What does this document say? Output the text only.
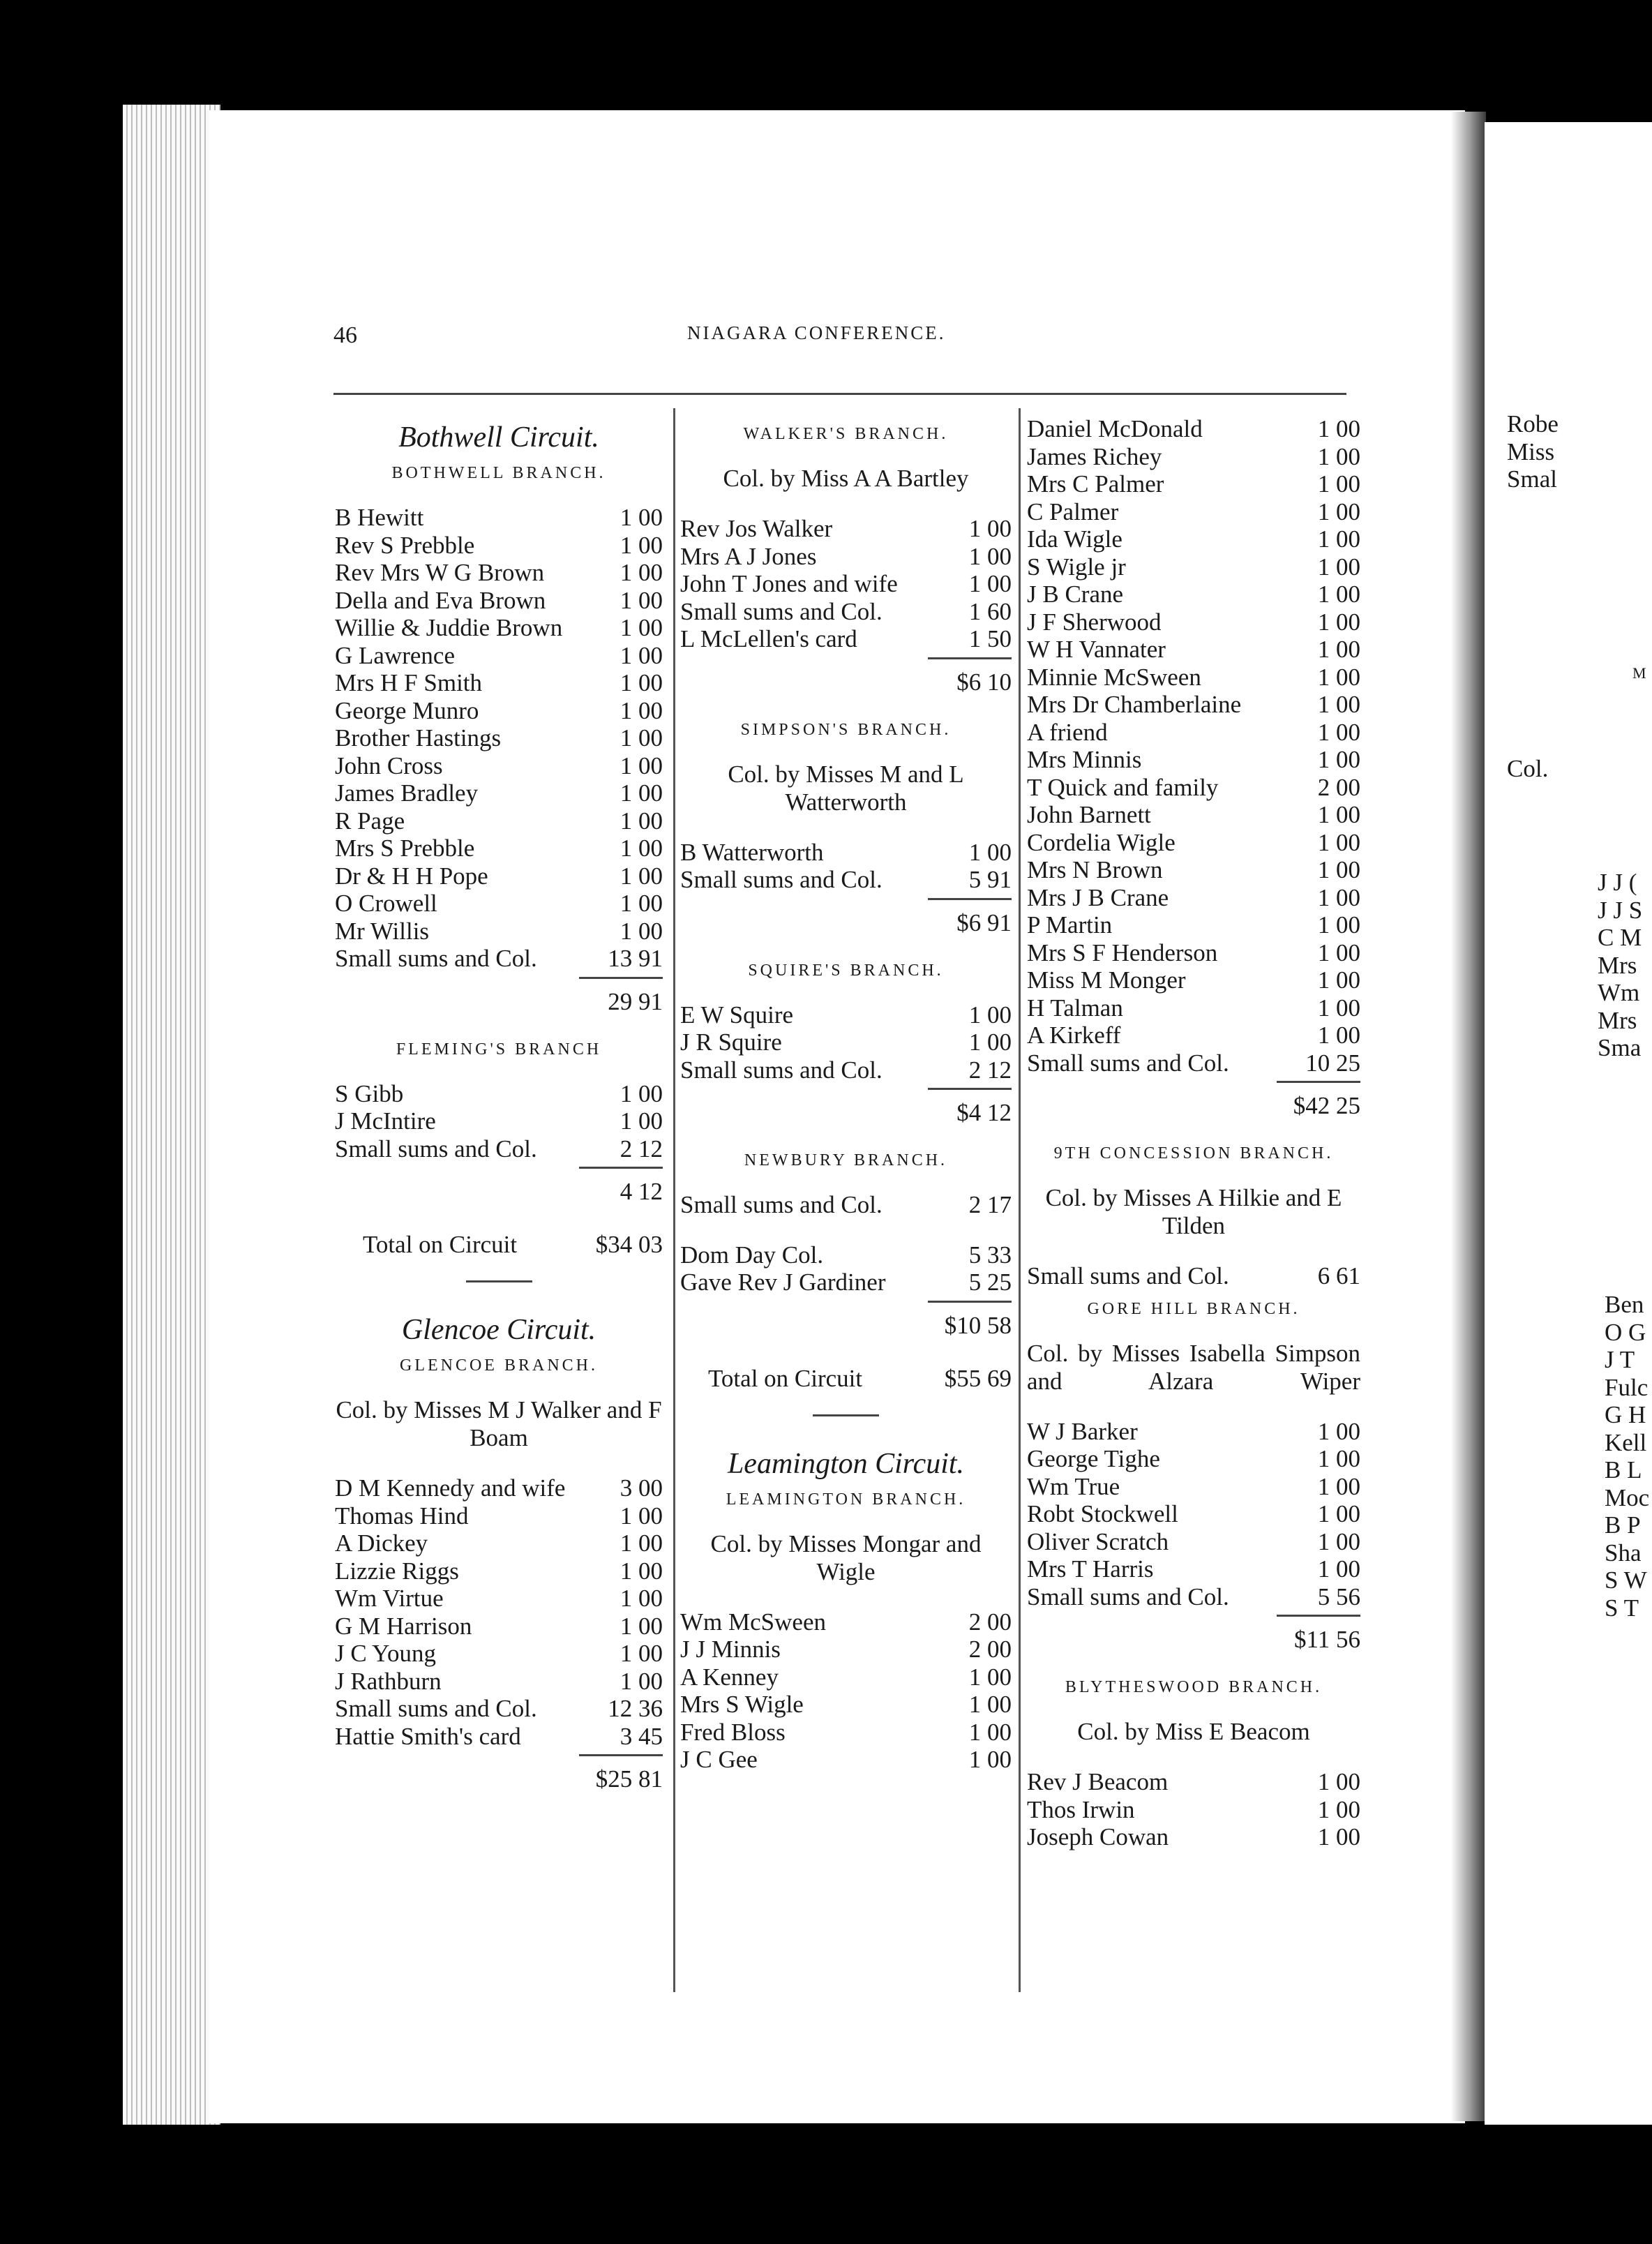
46	NIAGARA CONFERENCE.
Bothwell Circuit.
BOTHWELL BRANCH.
B Hewitt	1 00
Rev S Prebble	1 00
Rev Mrs W G Brown	1 00
Della and Eva Brown	1 00
Willie & Juddie Brown 1 00
G Lawrence	1 00
Mrs H F Smith	1 00
George Munro	1 00
Brother Hastings	1 00
John Cross	1 00
James Bradley	1 00
R Page	1 00
Mrs S Prebble	1 00
Dr & H H Pope	1 00
O Crowell	1 00
Mr Willis	1 00
Small sums and Col.	13 91
29 91
FLEMING'S BRANCH
S Gibb	1 00
J McIntire	1 00
Small sums and Col.	2 12
4 12
Total on Circuit	$34 03
Glencoe Circuit.
GLENCOE BRANCH.
Col. by Misses M J Walker and F Boam
D M Kennedy and wife 3 00
Thomas Hind	1 00
A Dickey	1 00
Lizzie Riggs	1 00
Wm Virtue	1 00
G M Harrison	1 00
J C Young	1 00
J Rathburn	1 00
Small sums and Col.	12 36
Hattie Smith's card	3 45
$25 81
WALKER'S BRANCH.
Col. by Miss A A Bartley
Rev Jos Walker	1 00
Mrs A J Jones	1 00
John T Jones and wife	1 00
Small sums and Col.	1 60
L McLellen's card	1 50
$6 10
SIMPSON'S BRANCH.
Col. by Misses M and L Watterworth
B Watterworth	1 00
Small sums and Col.	5 91
$6 91
SQUIRE'S BRANCH.
E W Squire	1 00
J R Squire	1 00
Small sums and Col.	2 12
$4 12
NEWBURY BRANCH.
Small sums and Col.	2 17
Dom Day Col.	5 33
Gave Rev J Gardiner	5 25
$10 58
Total on Circuit	$55 69
Leamington Circuit.
LEAMINGTON BRANCH.
Col. by Misses Mongar and Wigle
Wm McSween	2 00
J J Minnis	2 00
A Kenney	1 00
Mrs S Wigle	1 00
Fred Bloss	1 00
J C Gee	1 00
Daniel McDonald	1 00
James Richey	1 00
Mrs C Palmer	1 00
C Palmer	1 00
Ida Wigle	1 00
S Wigle jr	1 00
J B Crane	1 00
J F Sherwood	1 00
W H Vannater	1 00
Minnie McSween	1 00
Mrs Dr Chamberlaine	1 00
A friend	1 00
Mrs Minnis	1 00
T Quick and family	2 00
John Barnett	1 00
Cordelia Wigle	1 00
Mrs N Brown	1 00
Mrs J B Crane	1 00
P Martin	1 00
Mrs S F Henderson	1 00
Miss M Monger	1 00
H Talman	1 00
A Kirkeff	1 00
Small sums and Col.	10 25
$42 25
9TH CONCESSION BRANCH.
Col. by Misses A Hilkie and E Tilden
Small sums and Col.	6 61
GORE HILL BRANCH.
Col. by Misses Isabella Simpson and Alzara Wiper
W J Barker	1 00
George Tighe	1 00
Wm True	1 00
Robt Stockwell	1 00
Oliver Scratch	1 00
Mrs T Harris	1 00
Small sums and Col.	5 56
$11 56
BLYTHESWOOD BRANCH.
Col. by Miss E Beacom
Rev J Beacom	1 00
Thos Irwin	1 00
Joseph Cowan	1 00
Robe
Miss
Smal
M
Col.
J J (
J J S
C M
Mrs
Wm
Mrs
Sma
Ben
O G
J T
Fulc
G H
Kell
B L
Moc
B P
Sha
S W
S T
